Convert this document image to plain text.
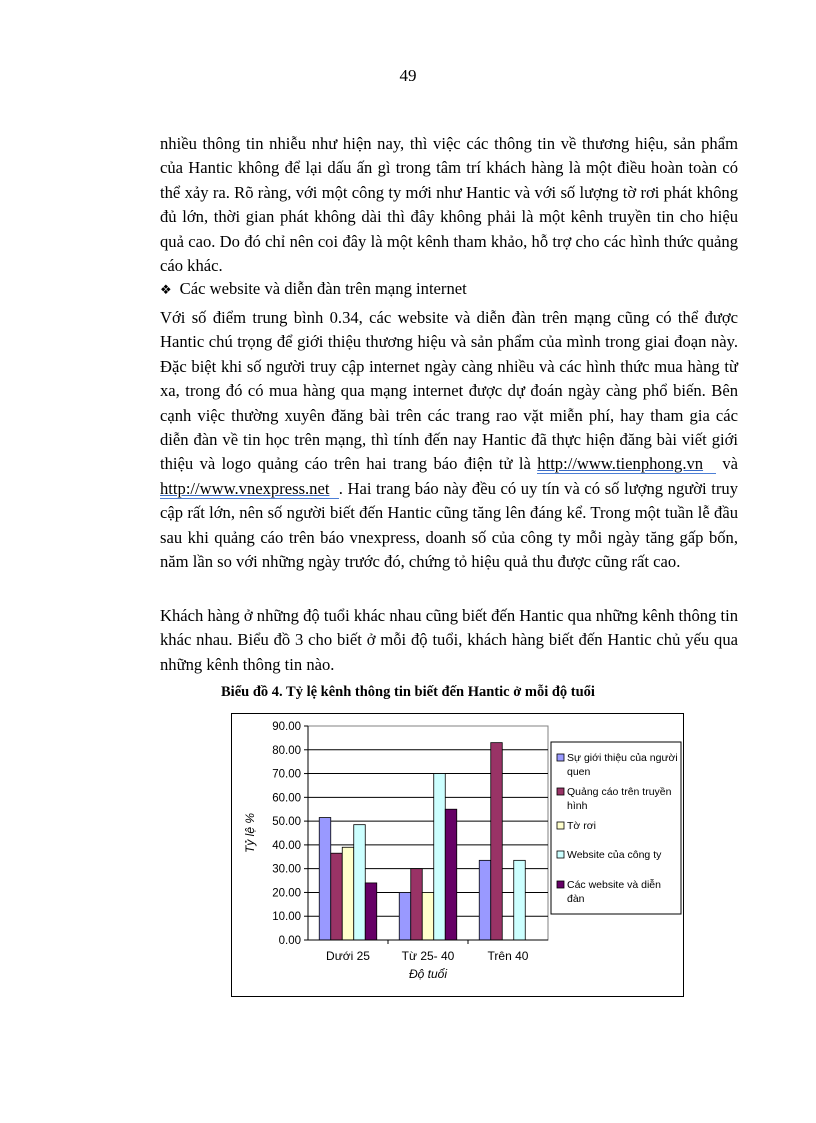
49

nhiều thông tin nhiễu như hiện nay, thì việc các thông tin về thương hiệu, sản phẩm của Hantic không để lại dấu ấn gì trong tâm trí khách hàng là một điều hoàn toàn có thể xảy ra. Rõ ràng, với một công ty mới như Hantic và với số lượng tờ rơi phát không đủ lớn, thời gian phát không dài thì đây không phải là một kênh truyền tin cho hiệu quả cao. Do đó chỉ nên coi đây là một kênh tham khảo, hỗ trợ cho các hình thức quảng cáo khác.

❖ Các website và diễn đàn trên mạng internet

Với số điểm trung bình 0.34, các website và diễn đàn trên mạng cũng có thể được Hantic chú trọng để giới thiệu thương hiệu và sản phẩm của mình trong giai đoạn này. Đặc biệt khi số người truy cập internet ngày càng nhiều và các hình thức mua hàng từ xa, trong đó có mua hàng qua mạng internet được dự đoán ngày càng phổ biến. Bên cạnh việc thường xuyên đăng bài trên các trang rao vặt miễn phí, hay tham gia các diễn đàn về tin học trên mạng, thì tính đến nay Hantic đã thực hiện đăng bài viết giới thiệu và logo quảng cáo trên hai trang báo điện tử là http://www.tienphong.vn và http://www.vnexpress.net . Hai trang báo này đều có uy tín và có số lượng người truy cập rất lớn, nên số người biết đến Hantic cũng tăng lên đáng kể. Trong một tuần lễ đầu sau khi quảng cáo trên báo vnexpress, doanh số của công ty mỗi ngày tăng gấp bốn, năm lần so với những ngày trước đó, chứng tỏ hiệu quả thu được cũng rất cao.

Khách hàng ở những độ tuổi khác nhau cũng biết đến Hantic qua những kênh thông tin khác nhau. Biểu đồ 3 cho biết ở mỗi độ tuổi, khách hàng biết đến Hantic chủ yếu qua những kênh thông tin nào.

Biểu đồ 4. Tỷ lệ kênh thông tin biết đến Hantic ở mỗi độ tuổi
0.00
10.00
20.00
30.00
40.00
50.00
60.00
70.00
80.00
90.00
Dưới 25	Từ 25- 40	Trên 40
Độ tuổi
Tỷ lệ %
Sự giới thiệu của người
quen
Quảng cáo trên truyền
hình
Tờ rơi
Website của công ty
Các website và diễn
đàn
